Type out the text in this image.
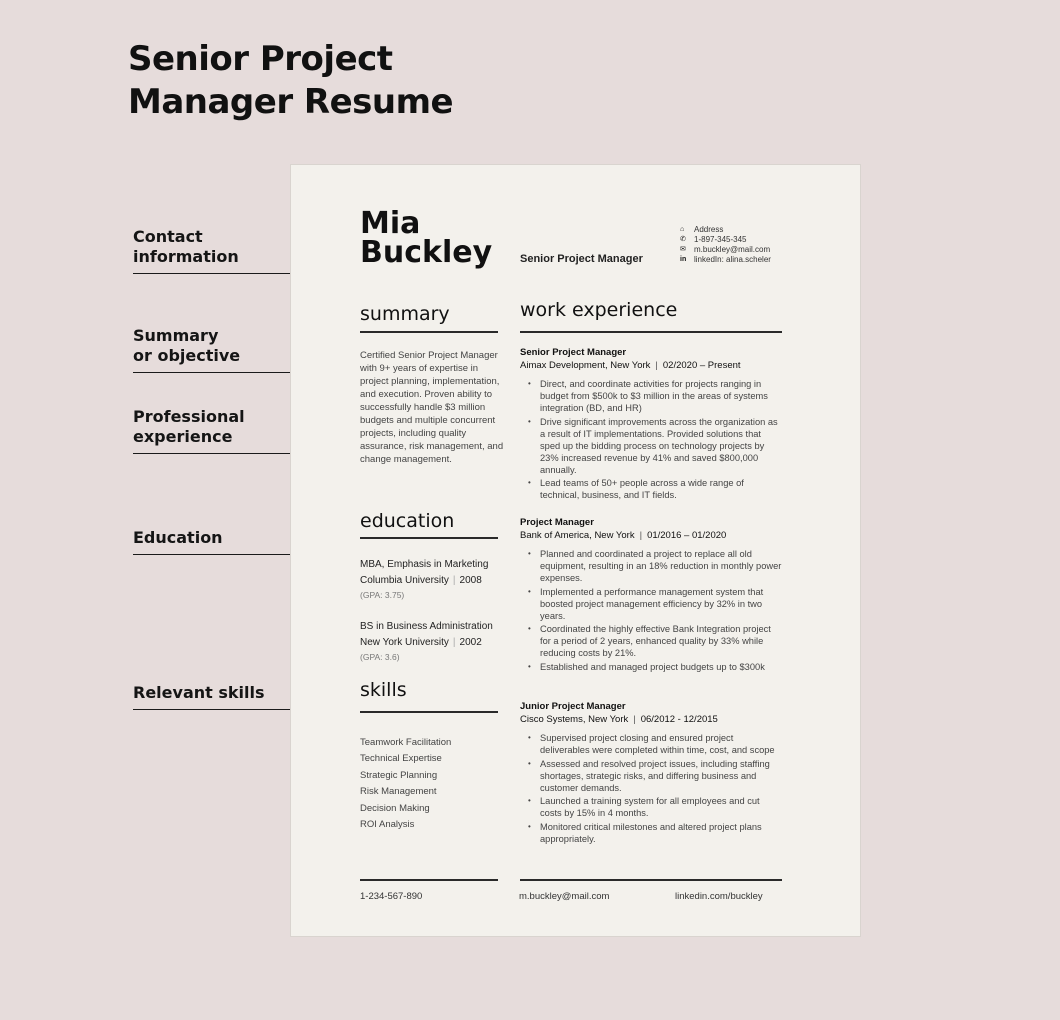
Senior Project
Manager Resume
Contact
information
Summary
or objective
Professional
experience
Education
Relevant skills
Mia
Buckley	Senior Project Manager
⌂	Address
✆	1-897-345-345
✉	m.buckley@mail.com
in linkedIn: alina.scheler
summary
Certified Senior Project Manager with 9+ years of expertise in project planning, implementation, and execution. Proven ability to successfully handle $3 million budgets and multiple concurrent projects, including quality assurance, risk management, and change management.
education
MBA, Emphasis in Marketing
Columbia University | 2008
(GPA: 3.75)
BS in Business Administration
New York University | 2002
(GPA: 3.6)
skills
Teamwork Facilitation
Technical Expertise
Strategic Planning
Risk Management
Decision Making
ROI Analysis
work experience
Senior Project Manager
Aimax Development, New York | 02/2020 – Present
• Direct, and coordinate activities for projects ranging in budget from $500k to $3 million in the areas of systems integration (BD, and HR)
• Drive significant improvements across the organization as a result of IT implementations. Provided solutions that sped up the bidding process on technology projects by 23% increased revenue by 41% and saved $800,000 annually.
• Lead teams of 50+ people across a wide range of technical, business, and IT fields.
Project Manager
Bank of America, New York | 01/2016 – 01/2020
• Planned and coordinated a project to replace all old equipment, resulting in an 18% reduction in monthly power expenses.
• Implemented a performance management system that boosted project management efficiency by 32% in two years.
• Coordinated the highly effective Bank Integration project for a period of 2 years, enhanced quality by 33% while reducing costs by 21%.
• Established and managed project budgets up to $300k
Junior Project Manager
Cisco Systems, New York | 06/2012 - 12/2015
• Supervised project closing and ensured project deliverables were completed within time, cost, and scope
• Assessed and resolved project issues, including staffing shortages, strategic risks, and differing business and customer demands.
• Launched a training system for all employees and cut costs by 15% in 4 months.
• Monitored critical milestones and altered project plans appropriately.
1-234-567-890	m.buckley@mail.com	linkedin.com/buckley
